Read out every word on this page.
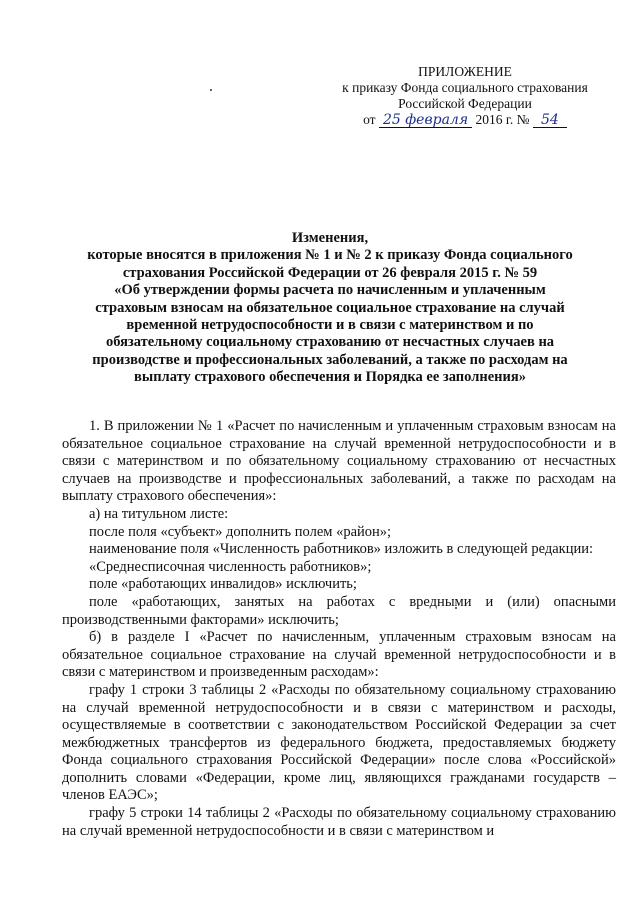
ПРИЛОЖЕНИЕ
к приказу Фонда социального страхования
Российской Федерации
от 25 февраля 2016 г. № 54
Изменения,
которые вносятся в приложения № 1 и № 2 к приказу Фонда социального
страхования Российской Федерации от 26 февраля 2015 г. № 59
«Об утверждении формы расчета по начисленным и уплаченным
страховым взносам на обязательное социальное страхование на случай
временной нетрудоспособности и в связи с материнством и по
обязательному социальному страхованию от несчастных случаев на
производстве и профессиональных заболеваний, а также по расходам на
выплату страхового обеспечения и Порядка ее заполнения»

1. В приложении № 1 «Расчет по начисленным и уплаченным страховым взносам на обязательное социальное страхование на случай временной нетрудоспособности и в связи с материнством и по обязательному социальному страхованию от несчастных случаев на производстве и профессиональных заболеваний, а также по расходам на выплату страхового обеспечения»:

а) на титульном листе:

после поля «субъект» дополнить полем «район»;

наименование поля «Численность работников» изложить в следующей редакции:

«Среднесписочная численность работников»;

поле «работающих инвалидов» исключить;

поле «работающих, занятых на работах с вредными и (или) опасными производственными факторами» исключить;

б) в разделе I «Расчет по начисленным, уплаченным страховым взносам на обязательное социальное страхование на случай временной нетрудоспособности и в связи с материнством и произведенным расходам»:

графу 1 строки 3 таблицы 2 «Расходы по обязательному социальному страхованию на случай временной нетрудоспособности и в связи с материнством и расходы, осуществляемые в соответствии с законодательством Российской Федерации за счет межбюджетных трансфертов из федерального бюджета, предоставляемых бюджету Фонда социального страхования Российской Федерации» после слова «Российской» дополнить словами «Федерации, кроме лиц, являющихся гражданами государств – членов ЕАЭС»;

графу 5 строки 14 таблицы 2 «Расходы по обязательному социальному страхованию на случай временной нетрудоспособности и в связи с материнством и
